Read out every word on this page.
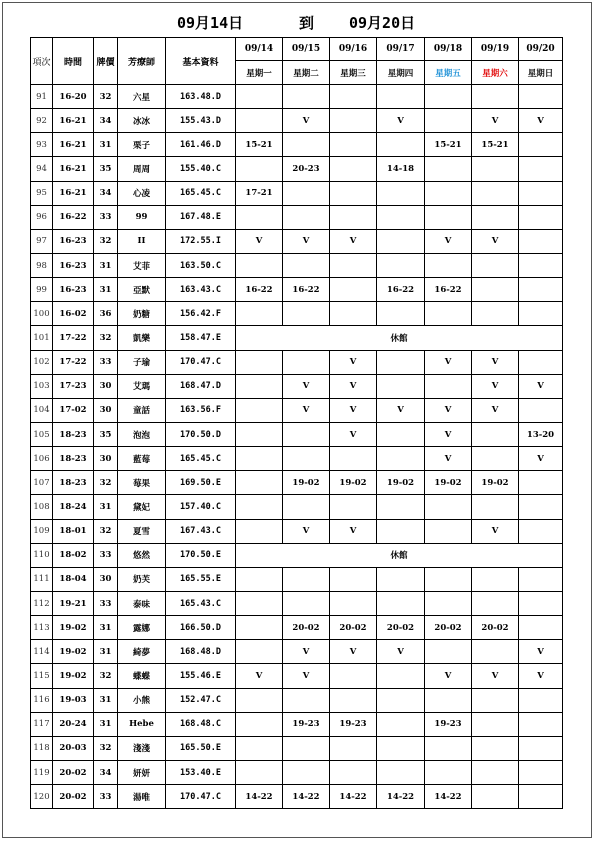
09月14日	到 09月20日
項次	時間	牌價	芳療師	基本資料	09/14	09/15	09/16	09/17	09/18	09/19	09/20
					星期一	星期二	星期三	星期四	星期五	星期六	星期日
91	16-20	32	六星	163.48.D							
92	16-21	34	冰冰	155.43.D		V		V		V	V
93	16-21	31	栗子	161.46.D	15-21				15-21	15-21	
94	16-21	35	周周	155.40.C		20-23		14-18			
95	16-21	34	心凌	165.45.C	17-21						
96	16-22	33	99	167.48.E							
97	16-23	32	II	172.55.I	V	V	V		V	V	
98	16-23	31	艾菲	163.50.C							
99	16-23	31	亞默	163.43.C	16-22	16-22		16-22	16-22		
100	16-02	36	奶糖	156.42.F							
101	17-22	32	凱樂	158.47.E	休館						
102	17-22	33	子瑜	170.47.C			V		V	V	
103	17-23	30	艾瑪	168.47.D		V	V			V	V
104	17-02	30	童話	163.56.F		V	V	V	V	V	
105	18-23	35	泡泡	170.50.D			V		V		13-20
106	18-23	30	藍莓	165.45.C					V		V
107	18-23	32	莓果	169.50.E		19-02	19-02	19-02	19-02	19-02	
108	18-24	31	黛妃	157.40.C							
109	18-01	32	夏雪	167.43.C		V	V			V	
110	18-02	33	悠然	170.50.E	休館						
111	18-04	30	奶芙	165.55.E							
112	19-21	33	泰味	165.43.C							
113	19-02	31	露娜	166.50.D		20-02	20-02	20-02	20-02	20-02	
114	19-02	31	綺夢	168.48.D		V	V	V			V
115	19-02	32	蝶蝶	155.46.E	V	V			V	V	V
116	19-03	31	小熊	152.47.C							
117	20-24	31	Hebe	168.48.C		19-23	19-23		19-23		
118	20-03	32	淺淺	165.50.E							
119	20-02	34	妍妍	153.40.E							
120	20-02	33	湯唯	170.47.C	14-22	14-22	14-22	14-22	14-22		
